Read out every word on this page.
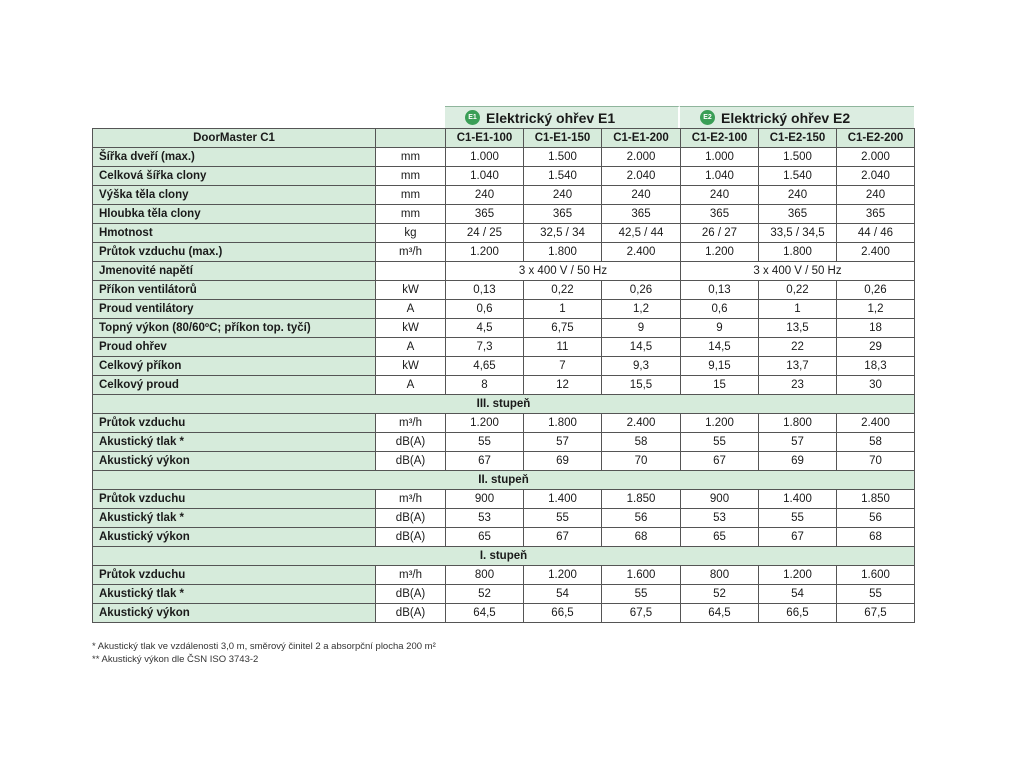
E1 Elektrický ohřev E1	E2 Elektrický ohřev E2
DoorMaster C1		C1-E1-100	C1-E1-150	C1-E1-200	C1-E2-100	C1-E2-150	C1-E2-200
Šířka dveří (max.)	mm	1.000	1.500	2.000	1.000	1.500	2.000
Celková šířka clony	mm	1.040	1.540	2.040	1.040	1.540	2.040
Výška těla clony	mm	240	240	240	240	240	240
Hloubka těla clony	mm	365	365	365	365	365	365
Hmotnost	kg	24 / 25	32,5 / 34	42,5 / 44	26 / 27	33,5 / 34,5	44 / 46
Průtok vzduchu (max.)	m³/h	1.200	1.800	2.400	1.200	1.800	2.400
Jmenovité napětí		3 x 400 V / 50 Hz			3 x 400 V / 50 Hz		
Příkon ventilátorů	kW	0,13	0,22	0,26	0,13	0,22	0,26
Proud ventilátory	A	0,6	1	1,2	0,6	1	1,2
Topný výkon (80/60ºC; příkon top. tyčí)	kW	4,5	6,75	9	9	13,5	18
Proud ohřev	A	7,3	11	14,5	14,5	22	29
Celkový příkon	kW	4,65	7	9,3	9,15	13,7	18,3
Celkový proud	A	8	12	15,5	15	23	30
III. stupeň							
Průtok vzduchu	m³/h	1.200	1.800	2.400	1.200	1.800	2.400
Akustický tlak *	dB(A)	55	57	58	55	57	58
Akustický výkon	dB(A)	67	69	70	67	69	70
II. stupeň							
Průtok vzduchu	m³/h	900	1.400	1.850	900	1.400	1.850
Akustický tlak *	dB(A)	53	55	56	53	55	56
Akustický výkon	dB(A)	65	67	68	65	67	68
I. stupeň							
Průtok vzduchu	m³/h	800	1.200	1.600	800	1.200	1.600
Akustický tlak *	dB(A)	52	54	55	52	54	55
Akustický výkon	dB(A)	64,5	66,5	67,5	64,5	66,5	67,5
* Akustický tlak ve vzdálenosti 3,0 m, směrový činitel 2 a absorpční plocha 200 m²
** Akustický výkon dle ČSN ISO 3743-2
